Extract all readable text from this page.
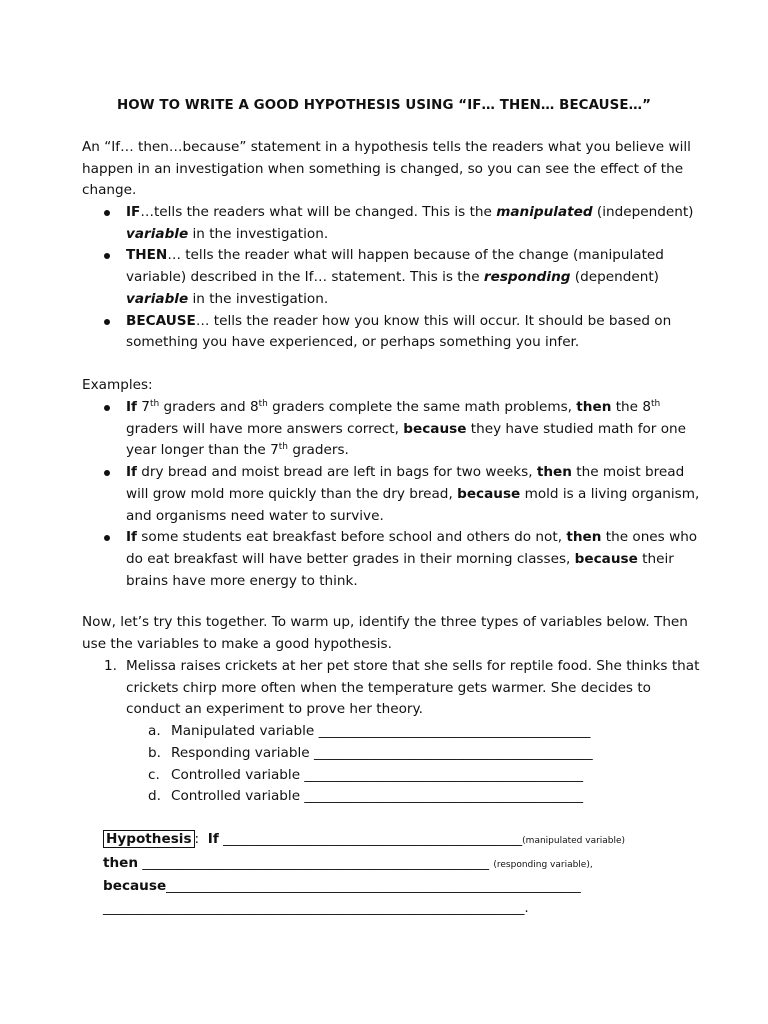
HOW TO WRITE A GOOD HYPOTHESIS USING “IF… THEN… BECAUSE…”
An “If… then…because” statement in a hypothesis tells the readers what you believe will happen in an investigation when something is changed, so you can see the effect of the change.
IF…tells the readers what will be changed. This is the manipulated (independent) variable in the investigation.
THEN… tells the reader what will happen because of the change (manipulated variable) described in the If… statement. This is the responding (dependent) variable in the investigation.
BECAUSE… tells the reader how you know this will occur. It should be based on something you have experienced, or perhaps something you infer.
Examples:
If 7th graders and 8th graders complete the same math problems, then the 8th graders will have more answers correct, because they have studied math for one year longer than the 7th graders.
If dry bread and moist bread are left in bags for two weeks, then the moist bread will grow mold more quickly than the dry bread, because mold is a living organism, and organisms need water to survive.
If some students eat breakfast before school and others do not, then the ones who do eat breakfast will have better grades in their morning classes, because their brains have more energy to think.
Now, let’s try this together. To warm up, identify the three types of variables below. Then use the variables to make a good hypothesis.
1. Melissa raises crickets at her pet store that she sells for reptile food. She thinks that crickets chirp more often when the temperature gets warmer. She decides to conduct an experiment to prove her theory.
a. Manipulated variable ________________________________________
b. Responding variable _________________________________________
c. Controlled variable _________________________________________
d. Controlled variable _________________________________________
Hypothesis : If ____________________________________________(manipulated variable)
then ___________________________________________________ (responding variable),
because_____________________________________________________________
______________________________________________________________.
